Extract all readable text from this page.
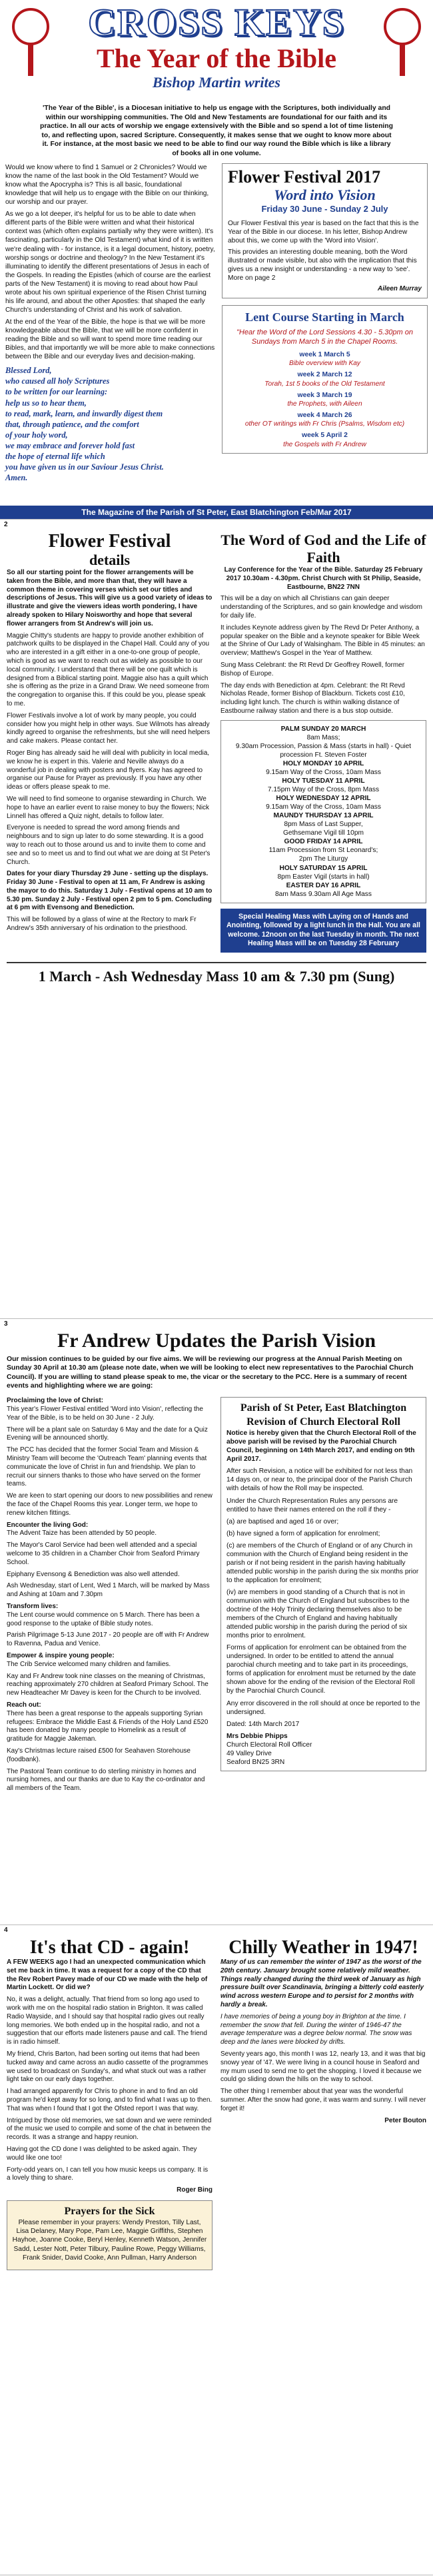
CROSS KEYS
The Year of the Bible
Bishop Martin writes
'The Year of the Bible', is a Diocesan initiative to help us engage with the Scriptures, both individually and within our worshipping communities. The Old and New Testaments are foundational for our faith and its practice. In all our acts of worship we engage extensively with the Bible and so spend a lot of time listening to, and reflecting upon, sacred Scripture. Consequently, it makes sense that we ought to know more about it. For instance, at the most basic we need to be able to find our way round the Bible which is like a library of books all in one volume.

Would we know where to find 1 Samuel or 2 Chronicles? Would we know the name of the last book in the Old Testament? Would we know what the Apocrypha is? This is all basic, foundational knowledge that will help us to engage with the Bible on our thinking, our worship and our prayer.

As we go a lot deeper, it's helpful for us to be able to date when different parts of the Bible were written and what their historical context was (which often explains partially why they were written). It's fascinating, particularly in the Old Testament) what kind of it is written we're dealing with - for instance, is it a legal document, history, poetry, worship songs or doctrine and theology? In the New Testament it's illuminating to identify the different presentations of Jesus in each of the Gospels. In reading the Epistles (which of course are the earliest parts of the New Testament) it is moving to read about how Paul wrote about his own spiritual experience of the Risen Christ turning his life around, and about the other Apostles: that shaped the early Church's understanding of Christ and his work of salvation.

At the end of the Year of the Bible, the hope is that we will be more knowledgeable about the Bible, that we will be more confident in reading the Bible and so will want to spend more time reading our Bibles, and that importantly we will be more able to make connections between the Bible and our everyday lives and decision-making.

Blessed Lord,
who caused all holy Scriptures
to be written for our learning:
help us so to hear them,
to read, mark, learn, and inwardly digest them
that, through patience, and the comfort
of your holy word,
we may embrace and forever hold fast
the hope of eternal life which
you have given us in our Saviour Jesus Christ.
Amen.
Flower Festival 2017
Word into Vision
Friday 30 June - Sunday 2 July
Our Flower Festival this year is based on the fact that this is the Year of the Bible in our diocese. In his letter, Bishop Andrew about this, we come up with the 'Word into Vision'.
This provides an interesting double meaning, both the Word illustrated or made visible, but also with the implication that this gives us a new insight or understanding - a new way to 'see'. More on page 2
Aileen Murray
Lent Course Starting in March
"Hear the Word of the Lord Sessions 4.30 - 5.30pm on Sundays from March 5 in the Chapel Rooms.
week 1 March 5
Bible overview with Kay
week 2 March 12
Torah, 1st 5 books of the Old Testament
week 3 March 19
the Prophets, with Aileen
week 4 March 26
other OT writings with Fr Chris (Psalms, Wisdom etc)
week 5 April 2
the Gospels with Fr Andrew
The Magazine of the Parish of St Peter, East Blatchington Feb/Mar 2017
2
Flower Festival
details

So all our starting point for the flower arrangements will be taken from the Bible, and more than that, they will have a common theme in covering verses which set our titles and descriptions of Jesus. This will give us a good variety of ideas to illustrate and give the viewers ideas worth pondering, I have already spoken to Hilary Noisworthy and hope that several flower arrangers from St Andrew's will join us.

Maggie Chitty's students are happy to provide another exhibition of patchwork quilts to be displayed in the Chapel Hall. Could any of you who are interested in a gift either in a one-to-one group of people, which is good as we want to reach out as widely as possible to our local community. I understand that there will be one quilt which is designed from a Biblical starting point. Maggie also has a quilt which she is offering as the prize in a Grand Draw. We need someone from the congregation to organise this. If this could be you, please speak to me.

Flower Festivals involve a lot of work by many people, you could consider how you might help in other ways. Sue Wilmots has already kindly agreed to organise the refreshments, but she will need helpers and cake makers. Please contact her.

Roger Bing has already said he will deal with publicity in local media, we know he is expert in this. Valerie and Neville always do a wonderful job in dealing with posters and flyers. Kay has agreed to organise our Pause for Prayer as previously. If you have any other ideas or offers please speak to me.

We will need to find someone to organise stewarding in Church. We hope to have an earlier event to raise money to buy the flowers; Nick Linnell has offered a Quiz night, details to follow later.

Everyone is needed to spread the word among friends and neighbours and to sign up later to do some stewarding. It is a good way to reach out to those around us and to invite them to come and see and so to meet us and to find out what we are doing at St Peter's Church.

Dates for your diary Thursday 29 June - setting up the displays. Friday 30 June - Festival to open at 11 am, Fr Andrew is asking the mayor to do this. Saturday 1 July - Festival opens at 10 am to 5.30 pm. Sunday 2 July - Festival open 2 pm to 5 pm. Concluding at 6 pm with Evensong and Benediction.

This will be followed by a glass of wine at the Rectory to mark Fr Andrew's 35th anniversary of his ordination to the priesthood.

The Word of God and the Life of Faith

Lay Conference for the Year of the Bible. Saturday 25 February 2017 10.30am - 4.30pm. Christ Church with St Philip, Seaside, Eastbourne, BN22 7NN

This will be a day on which all Christians can gain deeper understanding of the Scriptures, and so gain knowledge and wisdom for daily life.

It includes Keynote address given by The Revd Dr Peter Anthony, a popular speaker on the Bible and a keynote speaker for Bible Week at the Shrine of Our Lady of Walsingham. The Bible in 45 minutes: an overview; Matthew's Gospel in the Year of Matthew.

Sung Mass Celebrant: the Rt Revd Dr Geoffrey Rowell, former Bishop of Europe.

The day ends with Benediction at 4pm. Celebrant: the Rt Revd Nicholas Reade, former Bishop of Blackburn. Tickets cost £10, including light lunch. The church is within walking distance of Eastbourne railway station and there is a bus stop outside.

PALM SUNDAY 20 MARCH
8am Mass;
9.30am Procession, Passion & Mass (starts in hall) - Quiet procession Ft. Steven Foster
HOLY MONDAY 10 APRIL
9.15am Way of the Cross, 10am Mass
HOLY TUESDAY 11 APRIL
7.15pm Way of the Cross, 8pm Mass
HOLY WEDNESDAY 12 APRIL
9.15am Way of the Cross, 10am Mass
MAUNDY THURSDAY 13 APRIL
8pm Mass of Last Supper,
Gethsemane Vigil till 10pm
GOOD FRIDAY 14 APRIL
11am Procession from St Leonard's;
2pm The Liturgy
HOLY SATURDAY 15 APRIL
8pm Easter Vigil (starts in hall)
EASTER DAY 16 APRIL
8am Mass 9.30am All Age Mass
Special Healing Mass with Laying on of Hands and Anointing, followed by a light lunch in the Hall. You are all welcome. 12noon on the last Tuesday in month. The next Healing Mass will be on Tuesday 28 February
1 March - Ash Wednesday Mass 10 am & 7.30 pm (Sung)
3
Fr Andrew Updates the Parish Vision
Our mission continues to be guided by our five aims. We will be reviewing our progress at the Annual Parish Meeting on Sunday 30 April at 10.30 am (please note date, when we will be looking to elect new representatives to the Parochial Church Council). If you are willing to stand please speak to me, the vicar or the secretary to the PCC. Here is a summary of recent events and highlighting where we are going:
Proclaiming the love of Christ:

This year's Flower Festival entitled 'Word into Vision', reflecting the Year of the Bible, is to be held on 30 June - 2 July.

There will be a plant sale on Saturday 6 May and the date for a Quiz Evening will be announced shortly.

The PCC has decided that the former Social Team and Mission & Ministry Team will become the 'Outreach Team' planning events that communicate the love of Christ in fun and friendship. We plan to recruit our sinners thanks to those who have served on the former teams.

We are keen to start opening our doors to new possibilities and renew the face of the Chapel Rooms this year. Longer term, we hope to renew kitchen fittings.

Encounter the living God:

The Advent Taize has been attended by 50 people.

The Mayor's Carol Service had been well attended and a special welcome to 35 children in a Chamber Choir from Seaford Primary School.

Epiphany Evensong & Benediction was also well attended.

Ash Wednesday, start of Lent, Wed 1 March, will be marked by Mass and Ashing at 10am and 7.30pm

Transform lives:

The Lent course would commence on 5 March. There has been a good response to the uptake of Bible study notes.

Parish Pilgrimage 5-13 June 2017 - 20 people are off with Fr Andrew to Ravenna, Padua and Venice.

Empower & inspire young people:

The Crib Service welcomed many children and families.

Kay and Fr Andrew took nine classes on the meaning of Christmas, reaching approximately 270 children at Seaford Primary School. The new Headteacher Mr Davey is keen for the Church to be involved.

Reach out:

There has been a great response to the appeals supporting Syrian refugees: Embrace the Middle East & Friends of the Holy Land £520 has been donated by many people to Homelink as a result of gratitude for Maggie Jakeman.

Kay's Christmas lecture raised £500 for Seahaven Storehouse (foodbank).

The Pastoral Team continue to do sterling ministry in homes and nursing homes, and our thanks are due to Kay the co-ordinator and all members of the Team.

Parish of St Peter, East Blatchington
Revision of Church Electoral Roll

Notice is hereby given that the Church Electoral Roll of the above parish will be revised by the Parochial Church Council, beginning on 14th March 2017, and ending on 9th April 2017.

After such Revision, a notice will be exhibited for not less than 14 days on, or near to, the principal door of the Parish Church with details of how the Roll may be inspected.

Under the Church Representation Rules any persons are entitled to have their names entered on the roll if they -

(a) are baptised and aged 16 or over;

(b) have signed a form of application for enrolment;

(c) are members of the Church of England or of any Church in communion with the Church of England being resident in the parish or if not being resident in the parish having habitually attended public worship in the parish during the six months prior to the application for enrolment;

(iv) are members in good standing of a Church that is not in communion with the Church of England but subscribes to the doctrine of the Holy Trinity declaring themselves also to be members of the Church of England and having habitually attended public worship in the parish during the period of six months prior to enrolment.

Forms of application for enrolment can be obtained from the undersigned. In order to be entitled to attend the annual parochial church meeting and to take part in its proceedings, forms of application for enrolment must be returned by the date shown above for the ending of the revision of the Electoral Roll by the Parochial Church Council.

Any error discovered in the roll should at once be reported to the undersigned.

Dated: 14th March 2017

Mrs Debbie Phipps
Church Electoral Roll Officer
49 Valley Drive
Seaford BN25 3RN
4
It's that CD - again!

A FEW WEEKS ago I had an unexpected communication which set me back in time. It was a request for a copy of the CD that the Rev Robert Pavey made of our CD we made with the help of Martin Lockett. Or did we?

No, it was a delight, actually. That friend from so long ago used to work with me on the hospital radio station in Brighton. It was called Radio Wayside, and I should say that hospital radio gives out really long memories. We both ended up in the hospital radio, and not a suggestion that our efforts made listeners pause and call. The friend is in radio himself.

My friend, Chris Barton, had been sorting out items that had been tucked away and came across an audio cassette of the programmes we used to broadcast on Sunday's, and what stuck out was a rather light take on our early days together.

I had arranged apparently for Chris to phone in and to find an old program he'd kept away for so long, and to find what I was up to then. That was when I found that I got the Ofsted report I was that way.

Intrigued by those old memories, we sat down and we were reminded of the music we used to compile and some of the chat in between the records. It was a strange and happy reunion.

Having got the CD done I was delighted to be asked again. They would like one too!

Forty-odd years on, I can tell you how music keeps us company. It is a lovely thing to share.

Roger Bing

Prayers for the Sick

Please remember in your prayers: Wendy Preston, Tilly Last, Lisa Delaney, Mary Pope, Pam Lee, Maggie Griffiths, Stephen Hayhoe, Joanne Cooke, Beryl Henley, Kenneth Watson, Jennifer Sadd, Lester Nott, Peter Tilbury, Pauline Rowe, Peggy Williams, Frank Snider, David Cooke, Ann Pullman, Harry Anderson

Chilly Weather in 1947!

Many of us can remember the winter of 1947 as the worst of the 20th century. January brought some relatively mild weather. Things really changed during the third week of January as high pressure built over Scandinavia, bringing a bitterly cold easterly wind across western Europe and to persist for 2 months with hardly a break.

I have memories of being a young boy in Brighton at the time. I remember the snow that fell. During the winter of 1946-47 the average temperature was a degree below normal. The snow was deep and the lanes were blocked by drifts.

Seventy years ago, this month I was 12, nearly 13, and it was that big snowy year of '47. We were living in a council house in Seaford and my mum used to send me to get the shopping. I loved it because we could go sliding down the hills on the way to school.

The other thing I remember about that year was the wonderful summer. After the snow had gone, it was warm and sunny. I will never forget it!

Peter Bouton
